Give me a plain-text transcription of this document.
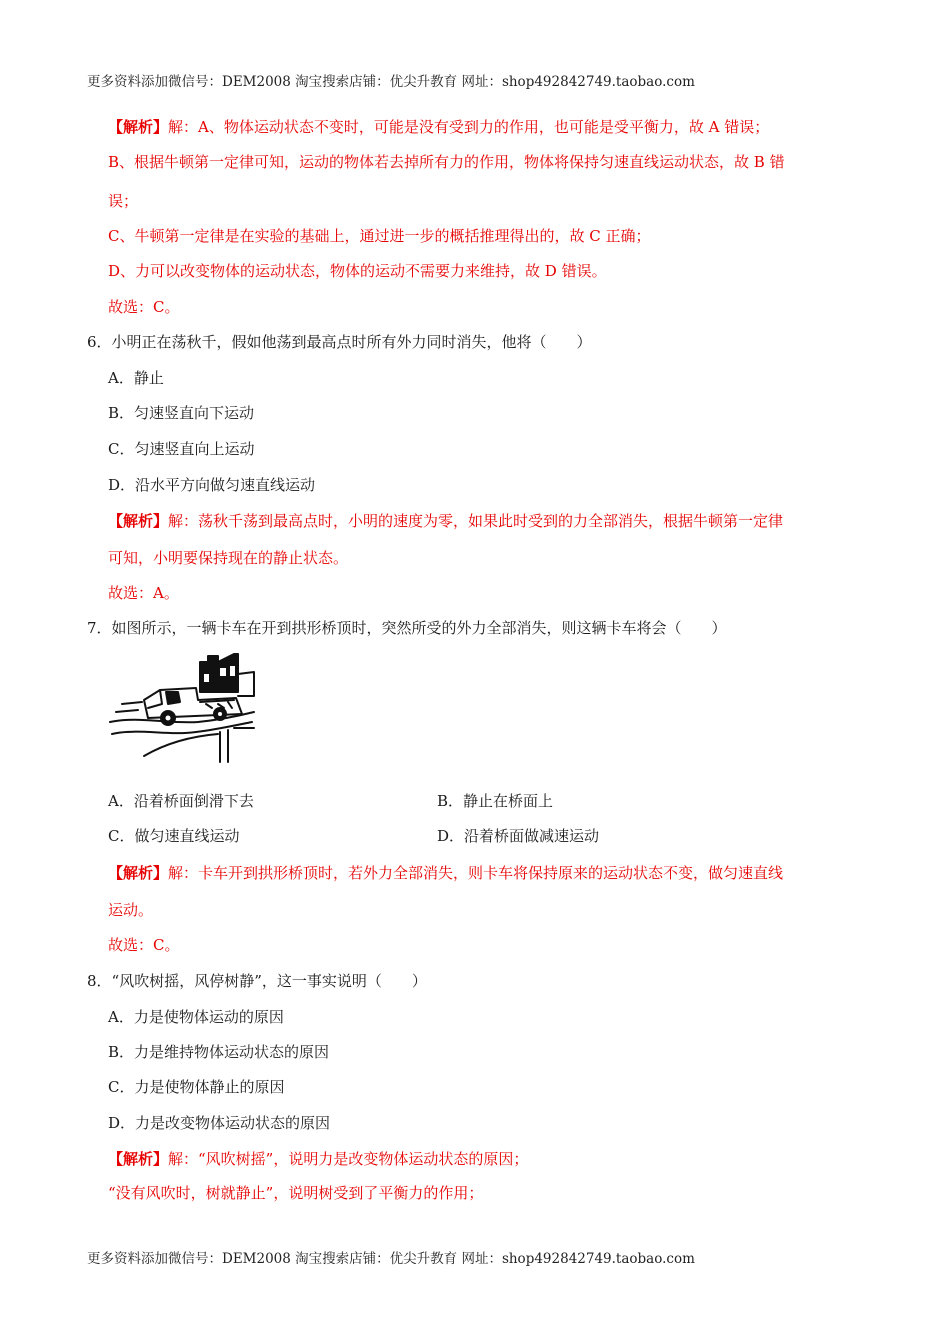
更多资料添加微信号：DEM2008 淘宝搜索店铺：优尖升教育 网址：shop492842749.taobao.com
【解析】解：A、物体运动状态不变时，可能是没有受到力的作用，也可能是受平衡力，故 A 错误；
B、根据牛顿第一定律可知，运动的物体若去掉所有力的作用，物体将保持匀速直线运动状态，故 B 错
误；
C、牛顿第一定律是在实验的基础上，通过进一步的概括推理得出的，故 C 正确；
D、力可以改变物体的运动状态，物体的运动不需要力来维持，故 D 错误。
故选：C。
6．小明正在荡秋千，假如他荡到最高点时所有外力同时消失，他将（　　）
A．静止
B．匀速竖直向下运动
C．匀速竖直向上运动
D．沿水平方向做匀速直线运动
【解析】解：荡秋千荡到最高点时，小明的速度为零，如果此时受到的力全部消失，根据牛顿第一定律
可知，小明要保持现在的静止状态。
故选：A。
7．如图所示，一辆卡车在开到拱形桥顶时，突然所受的外力全部消失，则这辆卡车将会（　　）
A．沿着桥面倒滑下去	B．静止在桥面上
C．做匀速直线运动	D．沿着桥面做减速运动
【解析】解：卡车开到拱形桥顶时，若外力全部消失，则卡车将保持原来的运动状态不变，做匀速直线
运动。
故选：C。
8．“风吹树摇，风停树静”，这一事实说明（　　）
A．力是使物体运动的原因
B．力是维持物体运动状态的原因
C．力是使物体静止的原因
D．力是改变物体运动状态的原因
【解析】解：“风吹树摇”，说明力是改变物体运动状态的原因；
“没有风吹时，树就静止”，说明树受到了平衡力的作用；
更多资料添加微信号：DEM2008 淘宝搜索店铺：优尖升教育 网址：shop492842749.taobao.com
